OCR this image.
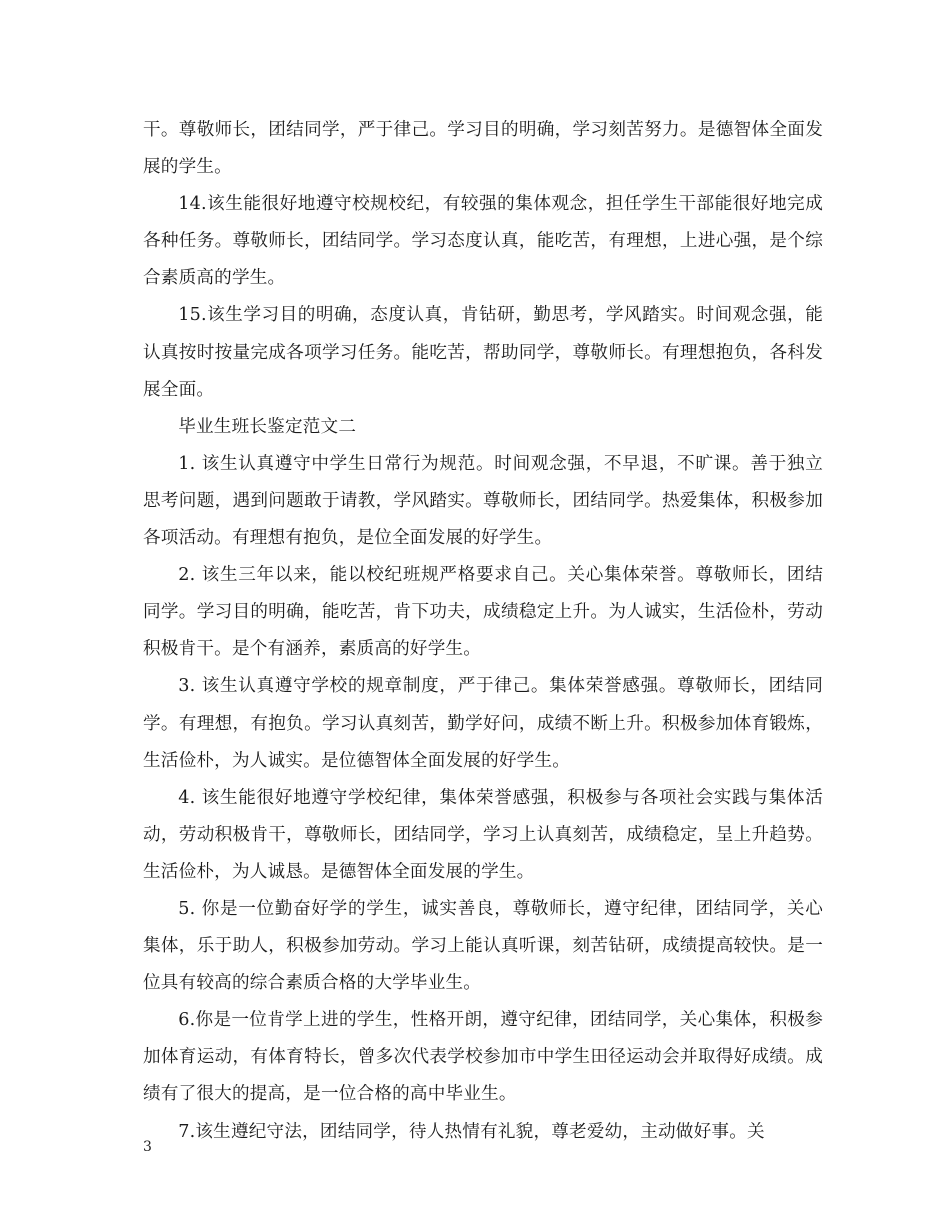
干。尊敬师长，团结同学，严于律己。学习目的明确，学习刻苦努力。是德智体全面发展的学生。

14.该生能很好地遵守校规校纪，有较强的集体观念，担任学生干部能很好地完成各种任务。尊敬师长，团结同学。学习态度认真，能吃苦，有理想，上进心强，是个综合素质高的学生。

15.该生学习目的明确，态度认真，肯钻研，勤思考，学风踏实。时间观念强，能认真按时按量完成各项学习任务。能吃苦，帮助同学，尊敬师长。有理想抱负，各科发展全面。

毕业生班长鉴定范文二

1. 该生认真遵守中学生日常行为规范。时间观念强，不早退，不旷课。善于独立思考问题，遇到问题敢于请教，学风踏实。尊敬师长，团结同学。热爱集体，积极参加各项活动。有理想有抱负，是位全面发展的好学生。

2. 该生三年以来，能以校纪班规严格要求自己。关心集体荣誉。尊敬师长，团结同学。学习目的明确，能吃苦，肯下功夫，成绩稳定上升。为人诚实，生活俭朴，劳动积极肯干。是个有涵养，素质高的好学生。

3. 该生认真遵守学校的规章制度，严于律己。集体荣誉感强。尊敬师长，团结同学。有理想，有抱负。学习认真刻苦，勤学好问，成绩不断上升。积极参加体育锻炼，生活俭朴，为人诚实。是位德智体全面发展的好学生。

4. 该生能很好地遵守学校纪律，集体荣誉感强，积极参与各项社会实践与集体活动，劳动积极肯干，尊敬师长，团结同学，学习上认真刻苦，成绩稳定，呈上升趋势。生活俭朴，为人诚恳。是德智体全面发展的学生。

5. 你是一位勤奋好学的学生，诚实善良，尊敬师长，遵守纪律，团结同学，关心集体，乐于助人，积极参加劳动。学习上能认真听课，刻苦钻研，成绩提高较快。是一位具有较高的综合素质合格的大学毕业生。

6.你是一位肯学上进的学生，性格开朗，遵守纪律，团结同学，关心集体，积极参加体育运动，有体育特长，曾多次代表学校参加市中学生田径运动会并取得好成绩。成绩有了很大的提高，是一位合格的高中毕业生。

7.该生遵纪守法，团结同学，待人热情有礼貌，尊老爱幼，主动做好事。关

3
